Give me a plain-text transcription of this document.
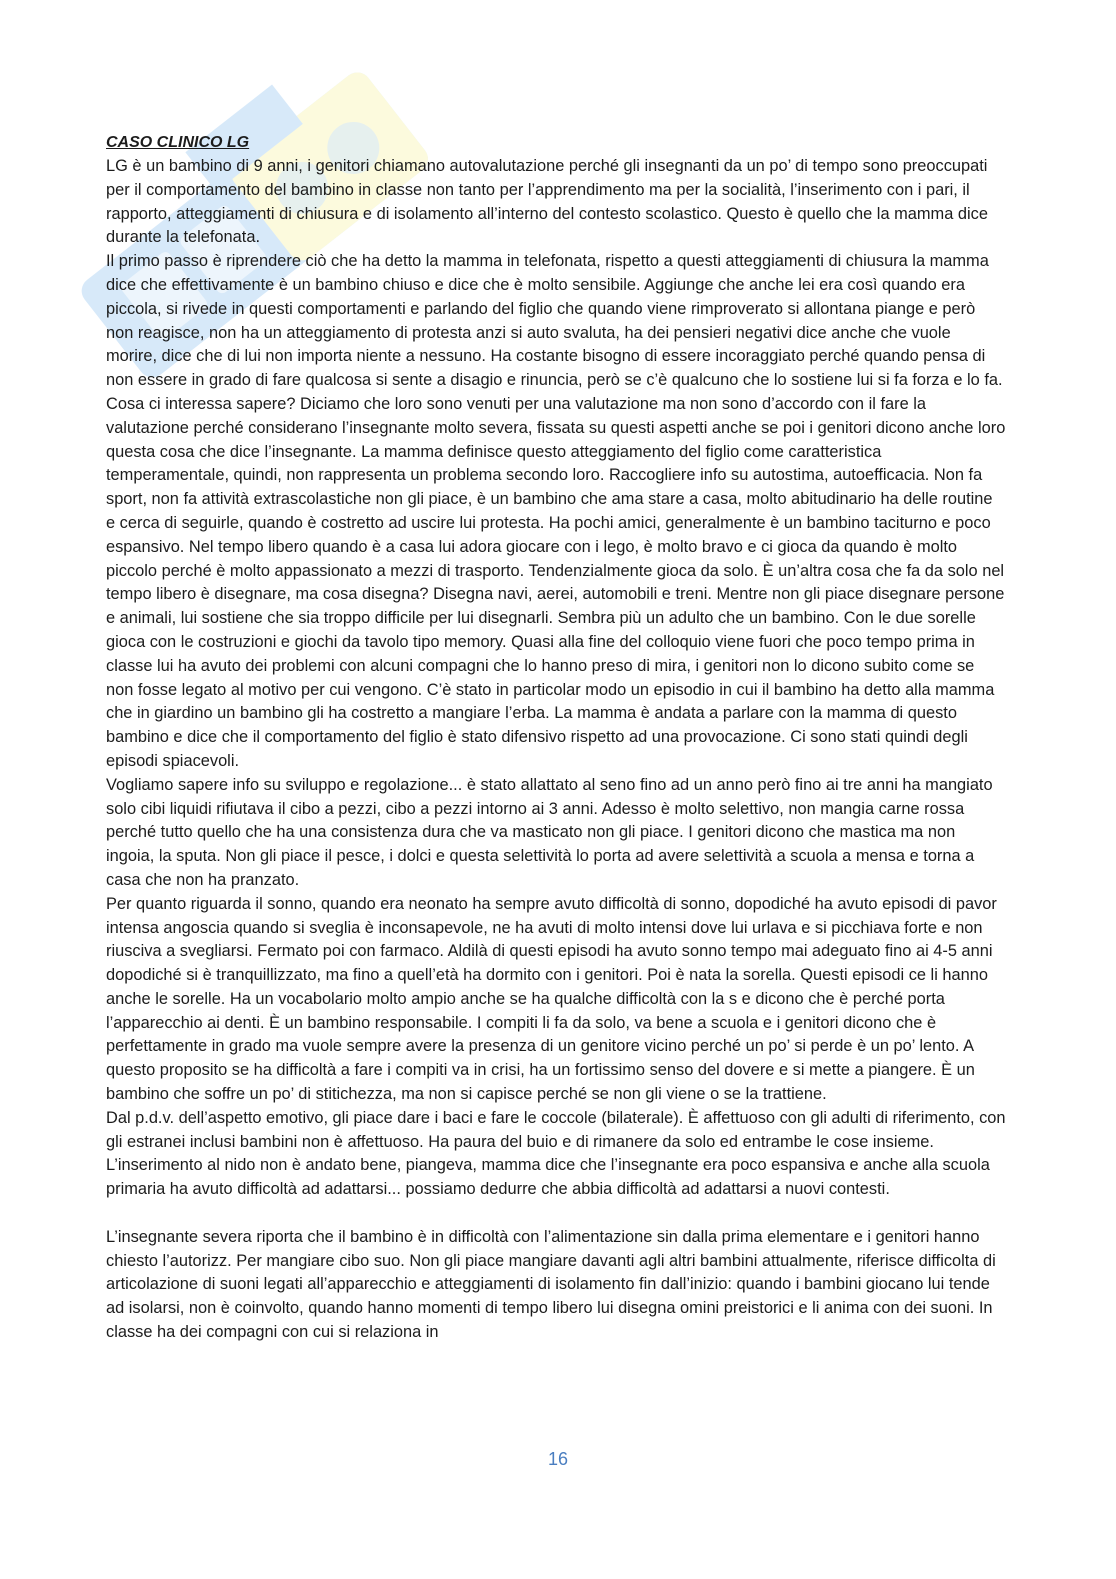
CASO CLINICO LG

LG è un bambino di 9 anni, i genitori chiamano autovalutazione perché gli insegnanti da un po’ di tempo sono preoccupati per il comportamento del bambino in classe non tanto per l’apprendimento ma per la socialità, l’inserimento con i pari, il rapporto, atteggiamenti di chiusura e di isolamento all’interno del contesto scolastico. Questo è quello che la mamma dice durante la telefonata.

Il primo passo è riprendere ciò che ha detto la mamma in telefonata, rispetto a questi atteggiamenti di chiusura la mamma dice che effettivamente è un bambino chiuso e dice che è molto sensibile. Aggiunge che anche lei era così quando era piccola, si rivede in questi comportamenti e parlando del figlio che quando viene rimproverato si allontana piange e però non reagisce, non ha un atteggiamento di protesta anzi si auto svaluta, ha dei pensieri negativi dice anche che vuole morire, dice che di lui non importa niente a nessuno. Ha costante bisogno di essere incoraggiato perché quando pensa di non essere in grado di fare qualcosa si sente a disagio e rinuncia, però se c’è qualcuno che lo sostiene lui si fa forza e lo fa. Cosa ci interessa sapere? Diciamo che loro sono venuti per una valutazione ma non sono d’accordo con il fare la valutazione perché considerano l’insegnante molto severa, fissata su questi aspetti anche se poi i genitori dicono anche loro questa cosa che dice l’insegnante. La mamma definisce questo atteggiamento del figlio come caratteristica temperamentale, quindi, non rappresenta un problema secondo loro. Raccogliere info su autostima, autoefficacia. Non fa sport, non fa attività extrascolastiche non gli piace, è un bambino che ama stare a casa, molto abitudinario ha delle routine e cerca di seguirle, quando è costretto ad uscire lui protesta. Ha pochi amici, generalmente è un bambino taciturno e poco espansivo. Nel tempo libero quando è a casa lui adora giocare con i lego, è molto bravo e ci gioca da quando è molto piccolo perché è molto appassionato a mezzi di trasporto. Tendenzialmente gioca da solo. È un’altra cosa che fa da solo nel tempo libero è disegnare, ma cosa disegna? Disegna navi, aerei, automobili e treni. Mentre non gli piace disegnare persone e animali, lui sostiene che sia troppo difficile per lui disegnarli. Sembra più un adulto che un bambino. Con le due sorelle gioca con le costruzioni e giochi da tavolo tipo memory. Quasi alla fine del colloquio viene fuori che poco tempo prima in classe lui ha avuto dei problemi con alcuni compagni che lo hanno preso di mira, i genitori non lo dicono subito come se non fosse legato al motivo per cui vengono. C’è stato in particolar modo un episodio in cui il bambino ha detto alla mamma che in giardino un bambino gli ha costretto a mangiare l’erba. La mamma è andata a parlare con la mamma di questo bambino e dice che il comportamento del figlio è stato difensivo rispetto ad una provocazione. Ci sono stati quindi degli episodi spiacevoli.

Vogliamo sapere info su sviluppo e regolazione... è stato allattato al seno fino ad un anno però fino ai tre anni ha mangiato solo cibi liquidi rifiutava il cibo a pezzi, cibo a pezzi intorno ai 3 anni. Adesso è molto selettivo, non mangia carne rossa perché tutto quello che ha una consistenza dura che va masticato non gli piace. I genitori dicono che mastica ma non ingoia, la sputa. Non gli piace il pesce, i dolci e questa selettività lo porta ad avere selettività a scuola a mensa e torna a casa che non ha pranzato.

Per quanto riguarda il sonno, quando era neonato ha sempre avuto difficoltà di sonno, dopodiché ha avuto episodi di pavor intensa angoscia quando si sveglia è inconsapevole, ne ha avuti di molto intensi dove lui urlava e si picchiava forte e non riusciva a svegliarsi. Fermato poi con farmaco. Aldilà di questi episodi ha avuto sonno tempo mai adeguato fino ai 4-5 anni dopodiché si è tranquillizzato, ma fino a quell’età ha dormito con i genitori. Poi è nata la sorella. Questi episodi ce li hanno anche le sorelle. Ha un vocabolario molto ampio anche se ha qualche difficoltà con la s e dicono che è perché porta l’apparecchio ai denti. È un bambino responsabile. I compiti li fa da solo, va bene a scuola e i genitori dicono che è perfettamente in grado ma vuole sempre avere la presenza di un genitore vicino perché un po’ si perde è un po’ lento. A questo proposito se ha difficoltà a fare i compiti va in crisi, ha un fortissimo senso del dovere e si mette a piangere. È un bambino che soffre un po’ di stitichezza, ma non si capisce perché se non gli viene o se la trattiene.

Dal p.d.v. dell’aspetto emotivo, gli piace dare i baci e fare le coccole (bilaterale). È affettuoso con gli adulti di riferimento, con gli estranei inclusi bambini non è affettuoso. Ha paura del buio e di rimanere da solo ed entrambe le cose insieme. L’inserimento al nido non è andato bene, piangeva, mamma dice che l’insegnante era poco espansiva e anche alla scuola primaria ha avuto difficoltà ad adattarsi... possiamo dedurre che abbia difficoltà ad adattarsi a nuovi contesti.

L’insegnante severa riporta che il bambino è in difficoltà con l’alimentazione sin dalla prima elementare e i genitori hanno chiesto l’autorizz. Per mangiare cibo suo. Non gli piace mangiare davanti agli altri bambini attualmente, riferisce difficolta di articolazione di suoni legati all’apparecchio e atteggiamenti di isolamento fin dall’inizio: quando i bambini giocano lui tende ad isolarsi, non è coinvolto, quando hanno momenti di tempo libero lui disegna omini preistorici e li anima con dei suoni. In classe ha dei compagni con cui si relaziona in

16
